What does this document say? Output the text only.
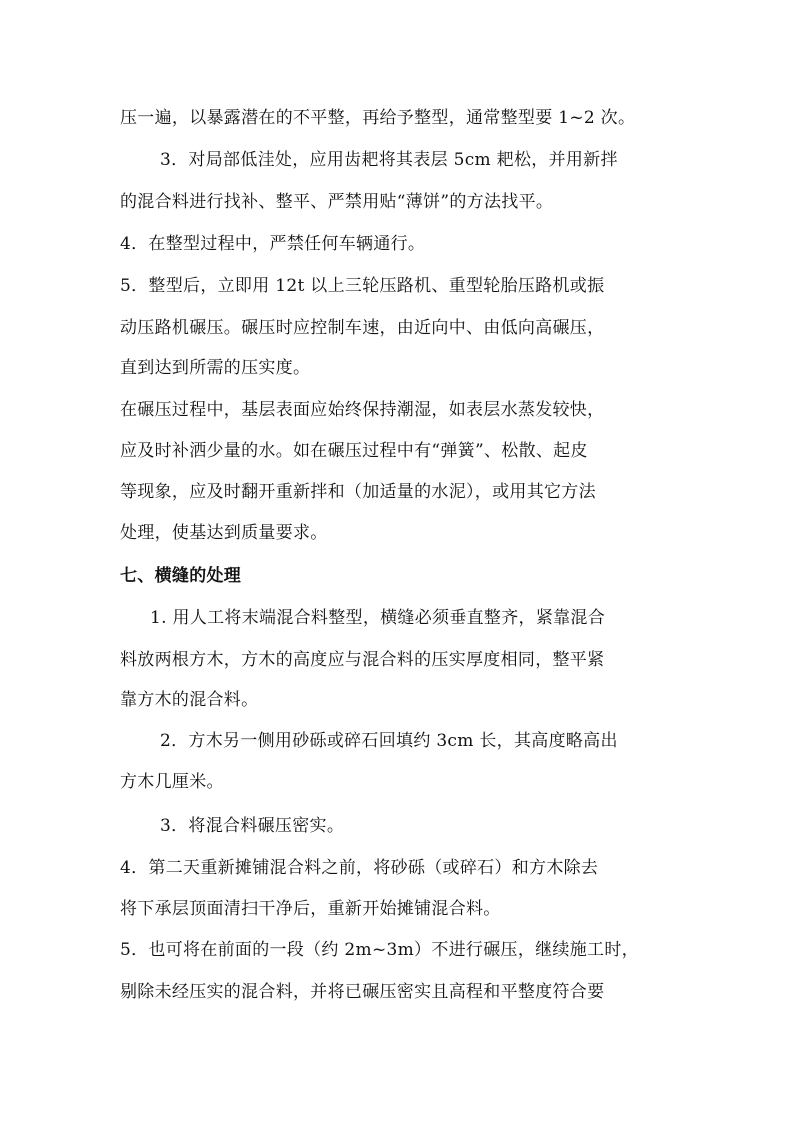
压一遍，以暴露潜在的不平整，再给予整型，通常整型要 1~2 次。
3．对局部低洼处，应用齿耙将其表层 5cm 耙松，并用新拌
的混合料进行找补、整平、严禁用贴“薄饼”的方法找平。
4．在整型过程中，严禁任何车辆通行。
5．整型后，立即用 12t 以上三轮压路机、重型轮胎压路机或振
动压路机碾压。碾压时应控制车速，由近向中、由低向高碾压，
直到达到所需的压实度。
在碾压过程中，基层表面应始终保持潮湿，如表层水蒸发较快，
应及时补洒少量的水。如在碾压过程中有“弹簧”、松散、起皮
等现象，应及时翻开重新拌和（加适量的水泥），或用其它方法
处理，使基达到质量要求。
七、横缝的处理
1. 用人工将末端混合料整型，横缝必须垂直整齐，紧靠混合
料放两根方木，方木的高度应与混合料的压实厚度相同，整平紧
靠方木的混合料。
2．方木另一侧用砂砾或碎石回填约 3cm 长，其高度略高出
方木几厘米。
3．将混合料碾压密实。
4．第二天重新摊铺混合料之前，将砂砾（或碎石）和方木除去
将下承层顶面清扫干净后，重新开始摊铺混合料。
5．也可将在前面的一段（约 2m~3m）不进行碾压，继续施工时，
剔除未经压实的混合料，并将已碾压密实且高程和平整度符合要
